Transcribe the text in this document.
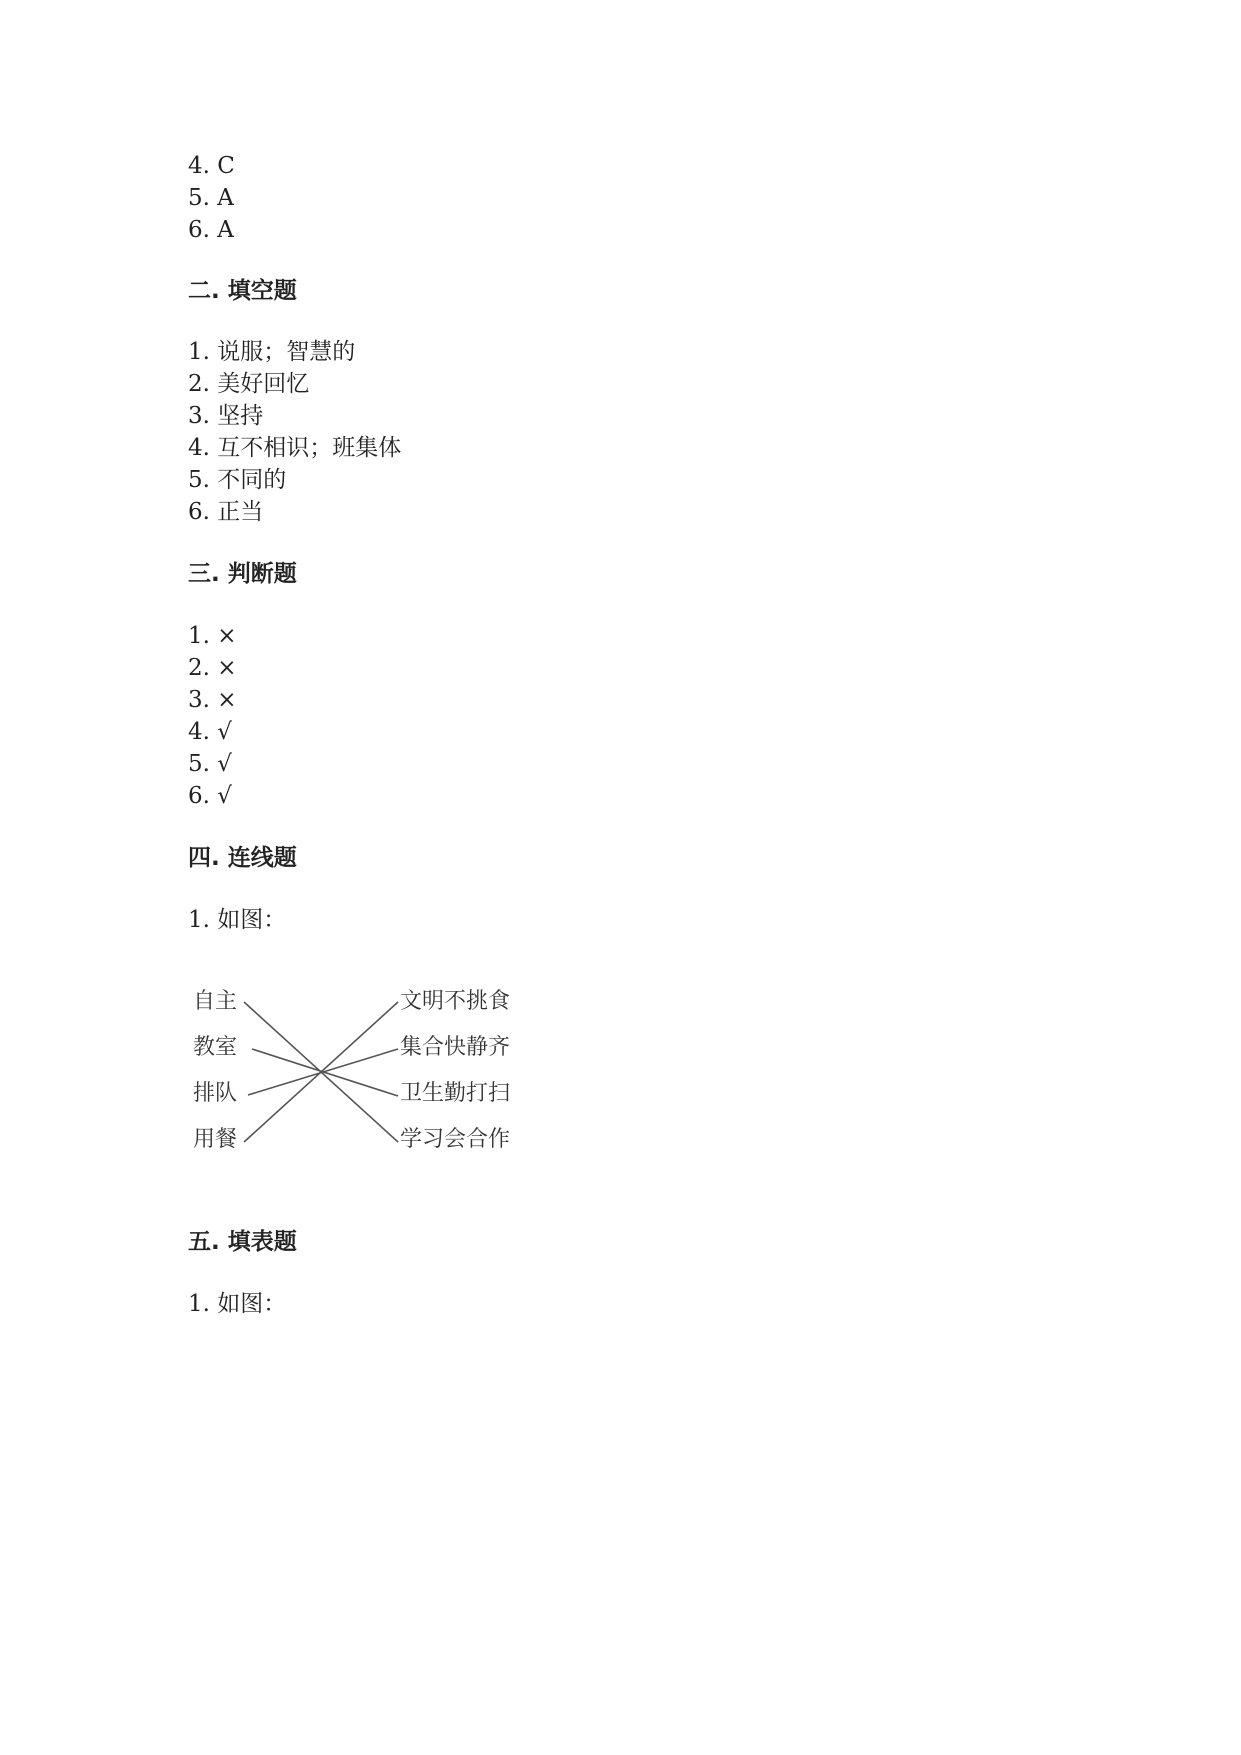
4. C
5. A
6. A
二. 填空题
1. 说服；智慧的
2. 美好回忆
3. 坚持
4. 互不相识；班集体
5. 不同的
6. 正当
三. 判断题
1. ×
2. ×
3. ×
4. √
5. √
6. √
四. 连线题
1. 如图：
自主
教室
排队
用餐
文明不挑食
集合快静齐
卫生勤打扫
学习会合作
五. 填表题
1. 如图：
